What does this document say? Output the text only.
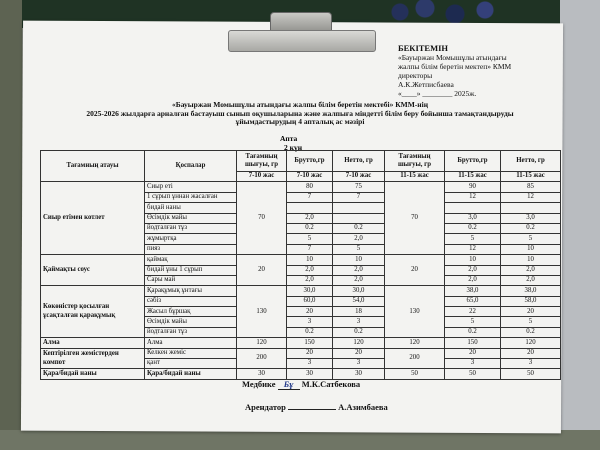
БЕКІТЕМІН
«Бауыржан Момышұлы атындағы
жалпы білім беретін мектеп» КММ
директоры
А.К.Жетписбаева
«____» ________ 2025ж.
«Бауыржан Момышұлы атындағы жалпы білім беретін мектебі» КММ-нің
2025-2026 жылдарға арналған бастауыш сынып оқушыларына және жалпыға міндетті білім беру бойынша тамақтандыруды
ұйымдастырудың 4 апталық ас мәзірі
Апта
2 күн
Тағамның атауы	Қоспалар	Тағамның шығуы, гр	Брутто,гр	Нетто, гр	Тағамның шығуы, гр	Брутто,гр	Нетто, гр
		7-10 жас	7-10 жас	7-10 жас	11-15 жас	11-15 жас	11-15 жас
Сиыр етімен котлет	Сиыр еті	70	80	75	70	90	85
	1 сұрып ұннан жасалған		7	7		12	12
	бидай наны						
	Өсімдік майы		2,0			3,0	3,0
	йодталған тұз		0.2	0.2		0.2	0.2
	жұмыртқа		5	2,0		5	5
	пияз		7	5		12	10
Қаймақты соус	қаймақ	20	10	10	20	10	10
	бидай ұны 1 сұрып		2,0	2,0		2,0	2,0
	Сары май		2,0	2,0		2,0	2,0
Көкөністер қосылған ұсақталған қарақұмық	Қарақұмық ұнтағы	130	30,0	30,0	130	38,0	38,0
	сәбіз		60,0	54,0		65,0	58,0
	Жасыл бұршақ		20	18		22	20
	Өсімдік майы		3	3		5	5
	йодталған тұз		0.2	0.2		0.2	0.2
Алма	Алма	120	150	120	120	150	120
Кептірілген жемістерден компот	Келкен жеміс	200	20	20	200	20	20
	қант		3	3		3	3
Қара/бидай наны	Қара/бидай наны	30	30	30	50	50	50
Медбике Бұ М.К.Сатбекова
Арендатор	А.Азимбаева
